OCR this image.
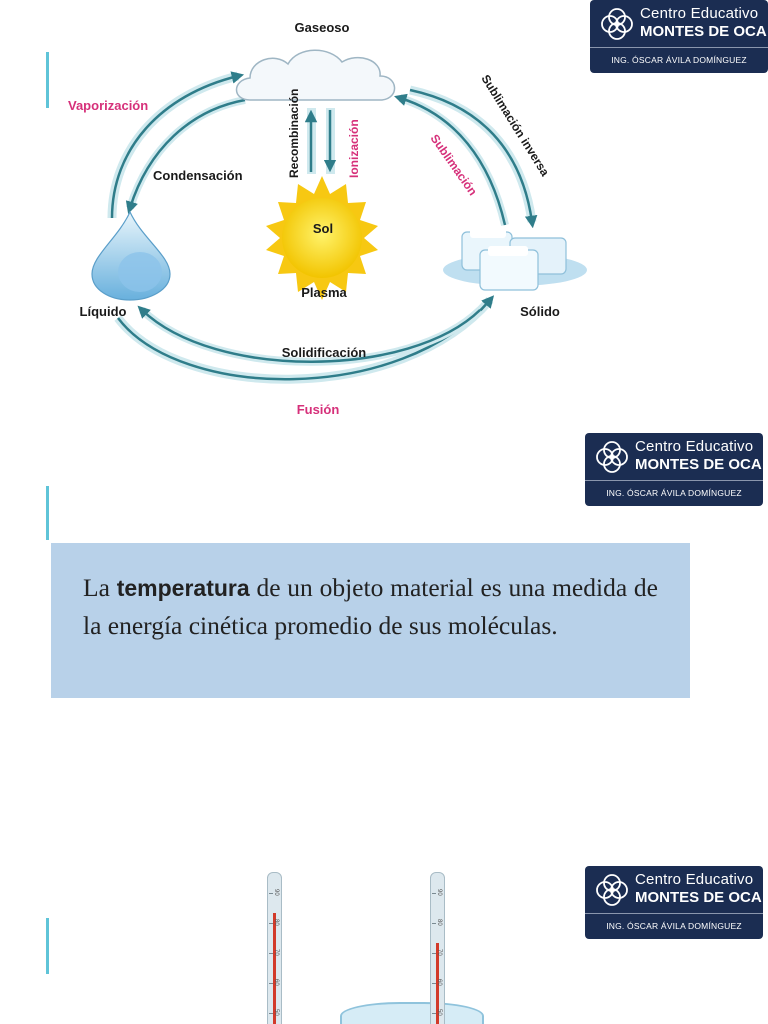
Gaseoso
Líquido	Sólido
Plasma
Sol
Vaporización
Condensación	Recombinación	Ionización	Sublimación
Sublimación inversa
Solidificación
Fusión
Centro Educativo
MONTES DE OCA
ING. ÓSCAR ÁVILA DOMÍNGUEZ
Centro Educativo
MONTES DE OCA
ING. ÓSCAR ÁVILA DOMÍNGUEZ
La temperatura de un objeto material es una medida de la energía cinética promedio de sus moléculas.
Centro Educativo
MONTES DE OCA
ING. ÓSCAR ÁVILA DOMÍNGUEZ
90
80
70
60
50
90
80
70
60
50
